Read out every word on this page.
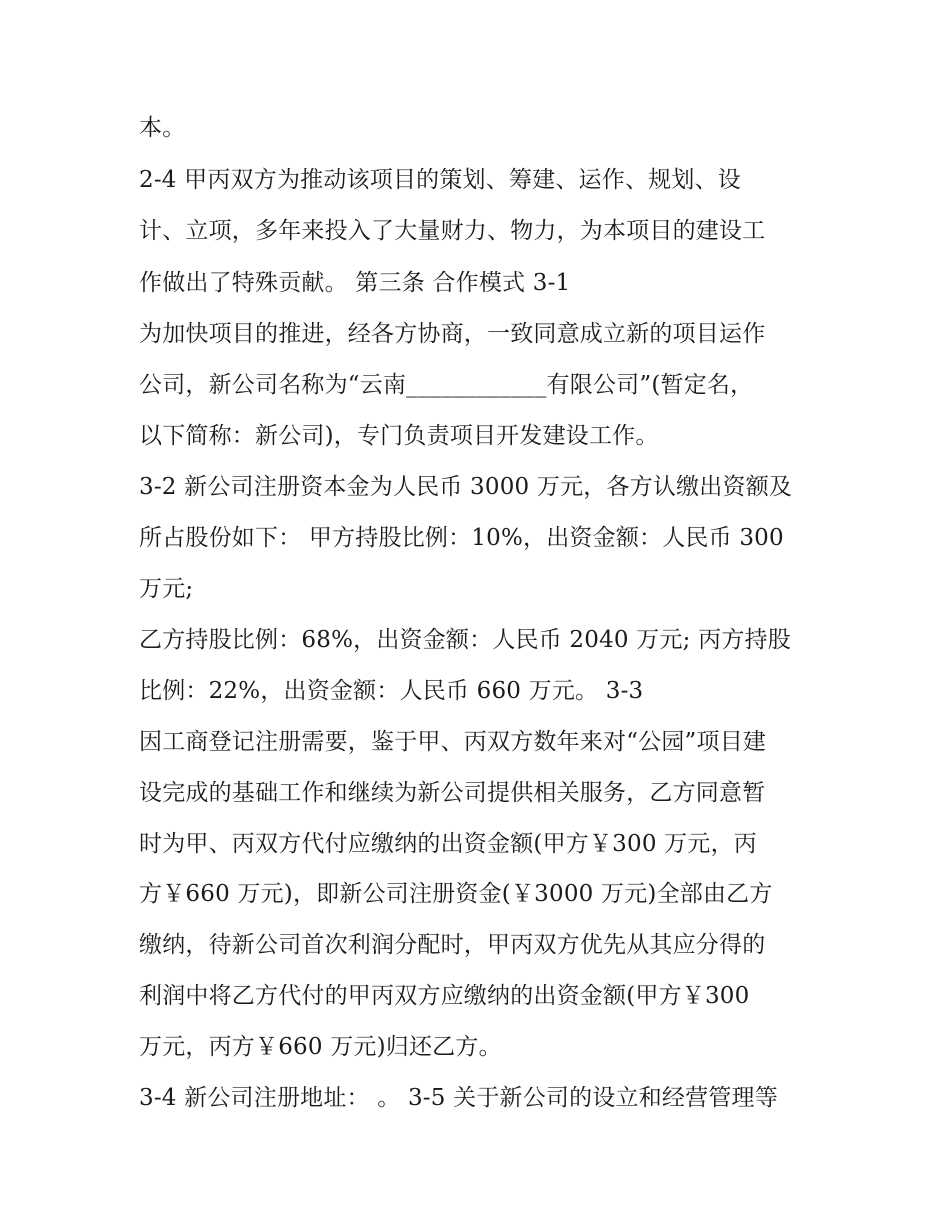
本。
2-4 甲丙双方为推动该项目的策划、筹建、运作、规划、设
计、立项，多年来投入了大量财力、物力，为本项目的建设工
作做出了特殊贡献。 第三条 合作模式 3-1
为加快项目的推进，经各方协商，一致同意成立新的项目运作
公司，新公司名称为“云南____________有限公司”(暂定名，
以下简称：新公司)，专门负责项目开发建设工作。
3-2 新公司注册资本金为人民币 3000 万元，各方认缴出资额及
所占股份如下： 甲方持股比例：10%，出资金额：人民币 300
万元;
乙方持股比例：68%，出资金额：人民币 2040 万元; 丙方持股
比例：22%，出资金额：人民币 660 万元。 3-3
因工商登记注册需要，鉴于甲、丙双方数年来对“公园”项目建
设完成的基础工作和继续为新公司提供相关服务，乙方同意暂
时为甲、丙双方代付应缴纳的出资金额(甲方￥300 万元，丙
方￥660 万元)，即新公司注册资金(￥3000 万元)全部由乙方
缴纳，待新公司首次利润分配时，甲丙双方优先从其应分得的
利润中将乙方代付的甲丙双方应缴纳的出资金额(甲方￥300
万元，丙方￥660 万元)归还乙方。
3-4 新公司注册地址： 。 3-5 关于新公司的设立和经营管理等
